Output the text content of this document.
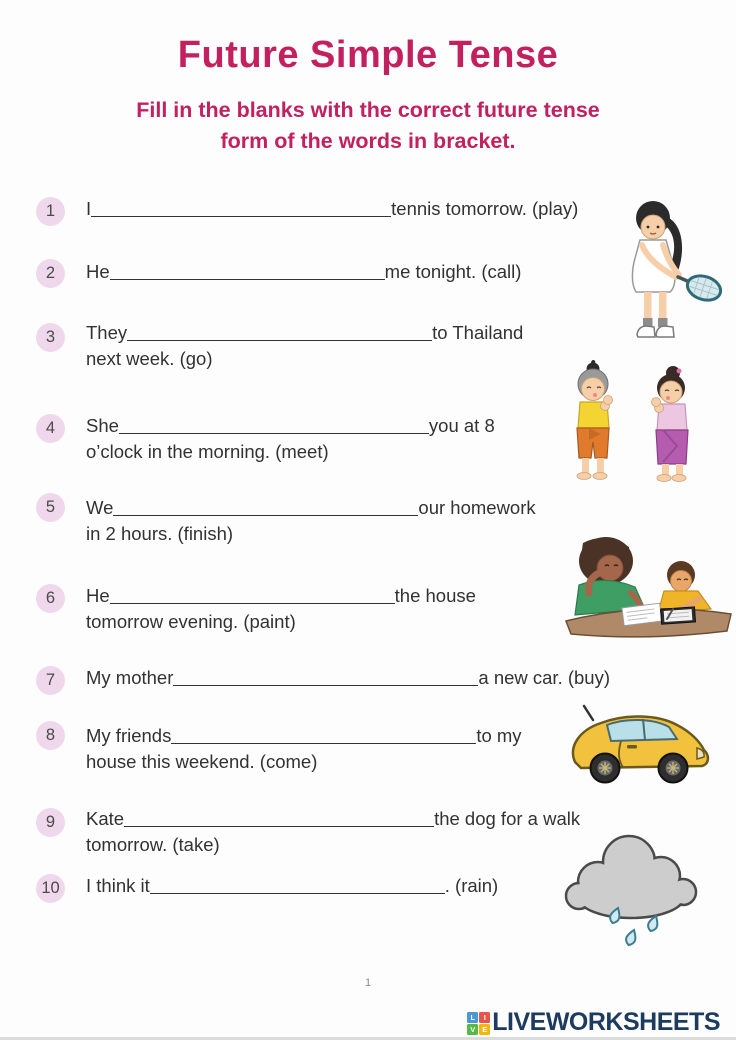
Future Simple Tense
Fill in the blanks with the correct future tense
form of the words in bracket.
1	I	tennis tomorrow. (play)
2	He	me tonight. (call)
3	They	to Thailand
next week. (go)
4	She	you at 8
o’clock in the morning. (meet)
5	We	our homework
in 2 hours. (finish)
6	He	the house
tomorrow evening. (paint)
7	My mother	a new car. (buy)
8	My friends	to my
house this weekend. (come)
9	Kate	the dog for a walk
tomorrow. (take)
10 I think it	. (rain)
1
L	I
V E LIVEWORKSHEETS
